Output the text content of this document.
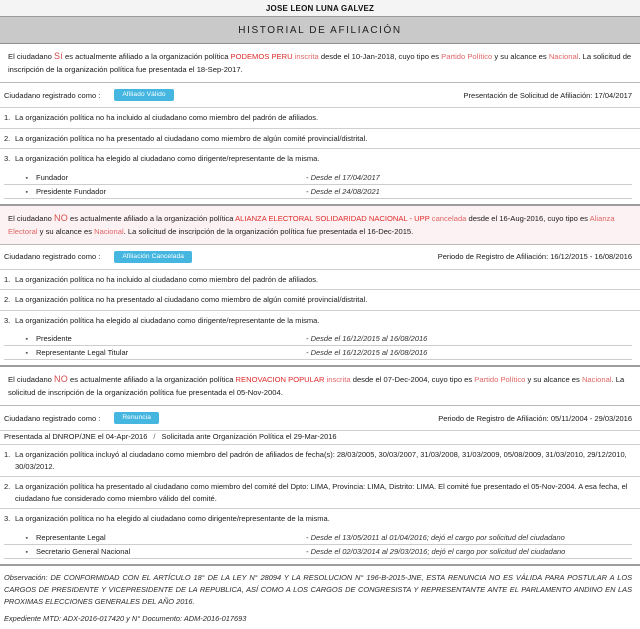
JOSE LEON LUNA GALVEZ
HISTORIAL DE AFILIACIÓN
El ciudadano Sí es actualmente afiliado a la organización política PODEMOS PERU inscrita desde el 10-Jan-2018, cuyo tipo es Partido Político y su alcance es Nacional. La solicitud de inscripción de la organización política fue presentada el 18-Sep-2017.
Ciudadano registrado como :	Afiliado Válido	Presentación de Solicitud de Afiliación: 17/04/2017
1. La organización política no ha incluido al ciudadano como miembro del padrón de afiliados.
2. La organización política no ha presentado al ciudadano como miembro de algún comité provincial/distrital.
3. La organización política ha elegido al ciudadano como dirigente/representante de la misma.
▪	Fundador	- Desde el 17/04/2017
▪	Presidente Fundador	- Desde el 24/08/2021
El ciudadano NO es actualmente afiliado a la organización política ALIANZA ELECTORAL SOLIDARIDAD NACIONAL - UPP cancelada desde el 16-Aug-2016, cuyo tipo es Alianza Electoral y su alcance es Nacional. La solicitud de inscripción de la organización política fue presentada el 16-Dec-2015.
Ciudadano registrado como :	Afiliación Cancelada	Periodo de Registro de Afiliación: 16/12/2015 - 16/08/2016
1. La organización política no ha incluido al ciudadano como miembro del padrón de afiliados.
2. La organización política no ha presentado al ciudadano como miembro de algún comité provincial/distrital.
3. La organización política ha elegido al ciudadano como dirigente/representante de la misma.
▪	Presidente	- Desde el 16/12/2015 al 16/08/2016
▪	Representante Legal Titular	- Desde el 16/12/2015 al 16/08/2016
El ciudadano NO es actualmente afiliado a la organización política RENOVACION POPULAR inscrita desde el 07-Dec-2004, cuyo tipo es Partido Político y su alcance es Nacional. La solicitud de inscripción de la organización política fue presentada el 05-Nov-2004.
Ciudadano registrado como :	Renuncia	Periodo de Registro de Afiliación: 05/11/2004 - 29/03/2016
Presentada al DNROP/JNE el 04-Apr-2016 / Solicitada ante Organización Política el 29-Mar-2016
1. La organización política incluyó al ciudadano como miembro del padrón de afiliados de fecha(s): 28/03/2005, 30/03/2007, 31/03/2008, 31/03/2009, 05/08/2009, 31/03/2010, 29/12/2010, 30/03/2012.
2. La organización política ha presentado al ciudadano como miembro del comité del Dpto: LIMA, Provincia: LIMA, Distrito: LIMA. El comité fue presentado el 05-Nov-2004. A esa fecha, el ciudadano fue considerado como miembro válido del comité.
3. La organización política no ha elegido al ciudadano como dirigente/representante de la misma.
▪	Representante Legal	- Desde el 13/05/2011 al 01/04/2016; dejó el cargo por solicitud del ciudadano
▪	Secretario General Nacional	- Desde el 02/03/2014 al 29/03/2016; dejó el cargo por solicitud del ciudadano
Observación: DE CONFORMIDAD CON EL ARTÍCULO 18° DE LA LEY N° 28094 Y LA RESOLUCION N° 196-B-2015-JNE, ESTA RENUNCIA NO ES VÁLIDA PARA POSTULAR A LOS CARGOS DE PRESIDENTE Y VICEPRESIDENTE DE LA REPUBLICA, ASÍ COMO A LOS CARGOS DE CONGRESISTA Y REPRESENTANTE ANTE EL PARLAMENTO ANDINO EN LAS PROXIMAS ELECCIONES GENERALES DEL AÑO 2016.
Expediente MTD: ADX-2016-017420 y N° Documento: ADM-2016-017693
